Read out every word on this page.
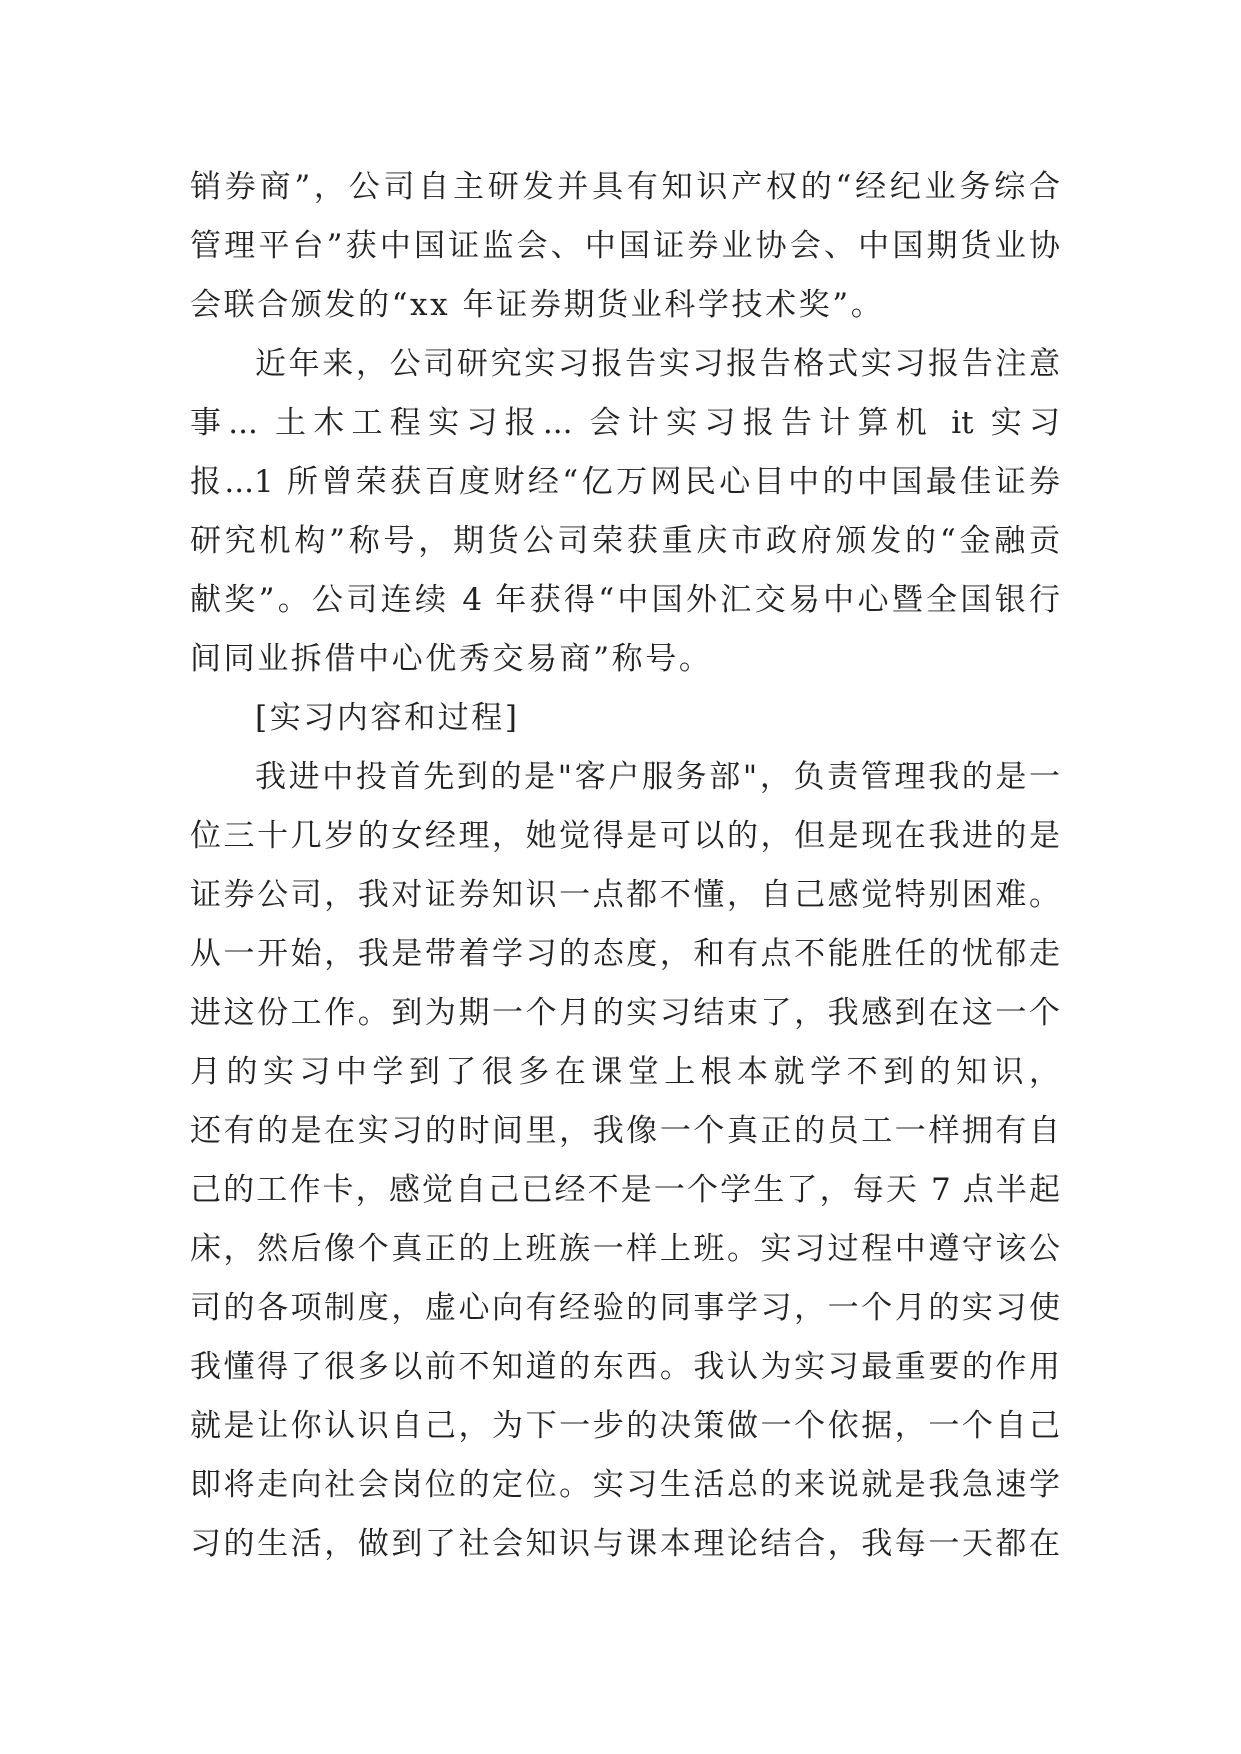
销券商”，公司自主研发并具有知识产权的“经纪业务综合
管理平台”获中国证监会、中国证券业协会、中国期货业协
会联合颁发的“xx 年证券期货业科学技术奖”。
近年来，公司研究实习报告实习报告格式实习报告注意
事... 土木工程实习报... 会计实习报告计算机 it 实习
报...1 所曾荣获百度财经“亿万网民心目中的中国最佳证券
研究机构”称号，期货公司荣获重庆市政府颁发的“金融贡
献奖”。公司连续 4 年获得“中国外汇交易中心暨全国银行
间同业拆借中心优秀交易商”称号。
[实习内容和过程]
我进中投首先到的是"客户服务部"，负责管理我的是一
位三十几岁的女经理，她觉得是可以的，但是现在我进的是
证券公司，我对证券知识一点都不懂，自己感觉特别困难。
从一开始，我是带着学习的态度，和有点不能胜任的忧郁走
进这份工作。到为期一个月的实习结束了，我感到在这一个
月的实习中学到了很多在课堂上根本就学不到的知识，
还有的是在实习的时间里，我像一个真正的员工一样拥有自
己的工作卡，感觉自己已经不是一个学生了，每天 7 点半起
床，然后像个真正的上班族一样上班。实习过程中遵守该公
司的各项制度，虚心向有经验的同事学习，一个月的实习使
我懂得了很多以前不知道的东西。我认为实习最重要的作用
就是让你认识自己，为下一步的决策做一个依据，一个自己
即将走向社会岗位的定位。实习生活总的来说就是我急速学
习的生活，做到了社会知识与课本理论结合，我每一天都在
